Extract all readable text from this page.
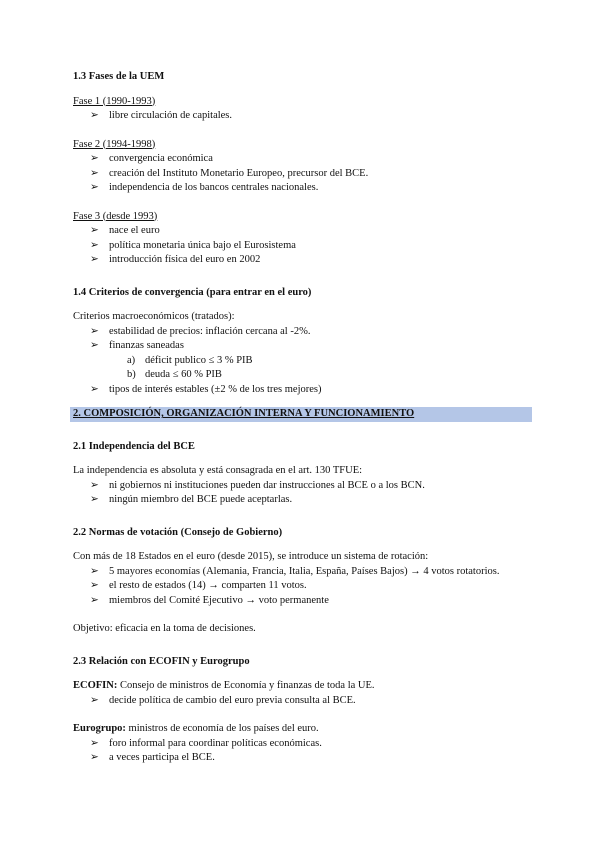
1.3 Fases de la UEM

Fase 1 (1990-1993)
➢ libre circulación de capitales.
Fase 2 (1994-1998)
➢ convergencia económica
➢ creación del Instituto Monetario Europeo, precursor del BCE.
➢ independencia de los bancos centrales nacionales.
Fase 3 (desde 1993)
➢ nace el euro
➢ política monetaria única bajo el Eurosistema
➢ introducción física del euro en 2002

1.4 Criterios de convergencia (para entrar en el euro)

Criterios macroeconómicos (tratados):
➢ estabilidad de precios: inflación cercana al -2%.
➢ finanzas saneadas
a) déficit publico ≤ 3 % PIB
b) deuda ≤ 60 % PIB
➢ tipos de interés estables (±2 % de los tres mejores)
2. COMPOSICIÓN, ORGANIZACIÓN INTERNA Y FUNCIONAMIENTO

2.1 Independencia del BCE

La independencia es absoluta y está consagrada en el art. 130 TFUE:
➢ ni gobiernos ni instituciones pueden dar instrucciones al BCE o a los BCN.
➢ ningún miembro del BCE puede aceptarlas.

2.2 Normas de votación (Consejo de Gobierno)

Con más de 18 Estados en el euro (desde 2015), se introduce un sistema de rotación:
➢ 5 mayores economías (Alemania, Francia, Italia, España, Países Bajos) → 4 votos rotatorios.
➢ el resto de estados (14) → comparten 11 votos.
➢ miembros del Comité Ejecutivo → voto permanente
Objetivo: eficacia en la toma de decisiones.

2.3 Relación con ECOFIN y Eurogrupo

ECOFIN: Consejo de ministros de Economía y finanzas de toda la UE.
➢ decide política de cambio del euro previa consulta al BCE.
Eurogrupo: ministros de economía de los países del euro.
➢ foro informal para coordinar políticas económicas.
➢ a veces participa el BCE.
